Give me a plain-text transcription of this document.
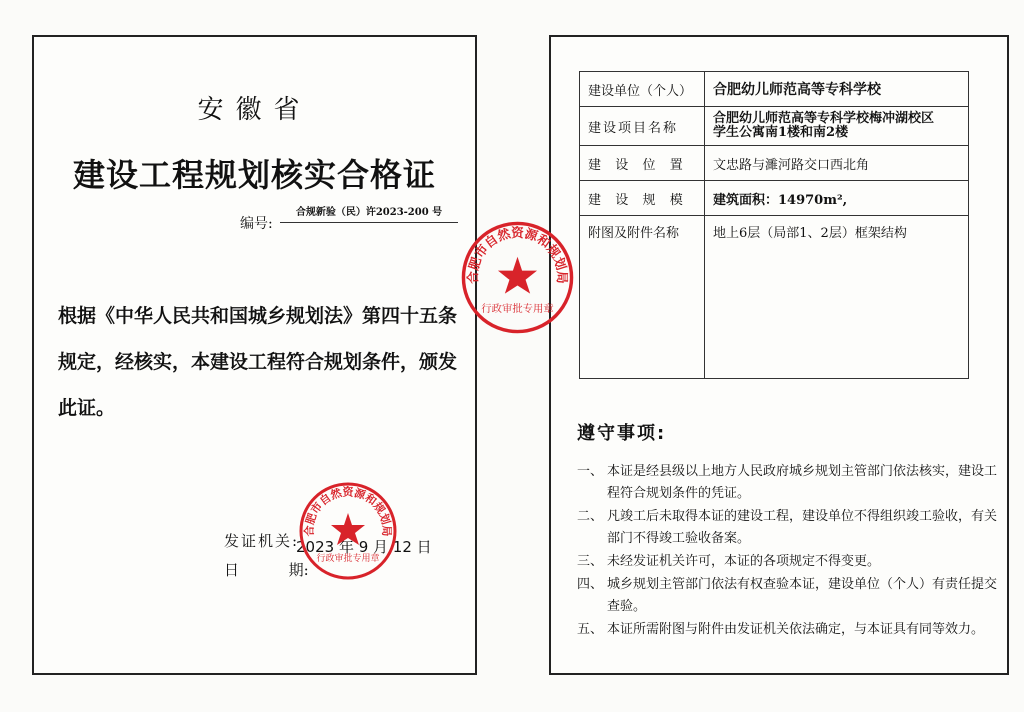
安徽省
建设工程规划核实合格证
编号:
合规新验（民）许2023-200 号
根据《中华人民共和国城乡规划法》第四十五条规定，经核实，本建设工程符合规划条件，颁发此证。
发证机关:
2023 年 9 月 12 日
日	期:
合肥市自然资源和规划局
行政审批专用章
建设单位（个人）	合肥幼儿师范高等专科学校
建设项目名称	合肥幼儿师范高等专科学校梅冲湖校区
学生公寓南1楼和南2楼

建  设  位  置	文忠路与濉河路交口西北角
建  设  规  模	建筑面积：14970m²,
附图及附件名称	地上6层（局部1、2层）框架结构
遵守事项:
一、 本证是经县级以上地方人民政府城乡规划主管部门依法核实，建设工程符合规划条件的凭证。
二、 凡竣工后未取得本证的建设工程，建设单位不得组织竣工验收，有关部门不得竣工验收备案。
三、 未经发证机关许可，本证的各项规定不得变更。
四、 城乡规划主管部门依法有权查验本证，建设单位（个人）有责任提交查验。
五、 本证所需附图与附件由发证机关依法确定，与本证具有同等效力。
合肥市自然资源和规划局
行政审批专用章
